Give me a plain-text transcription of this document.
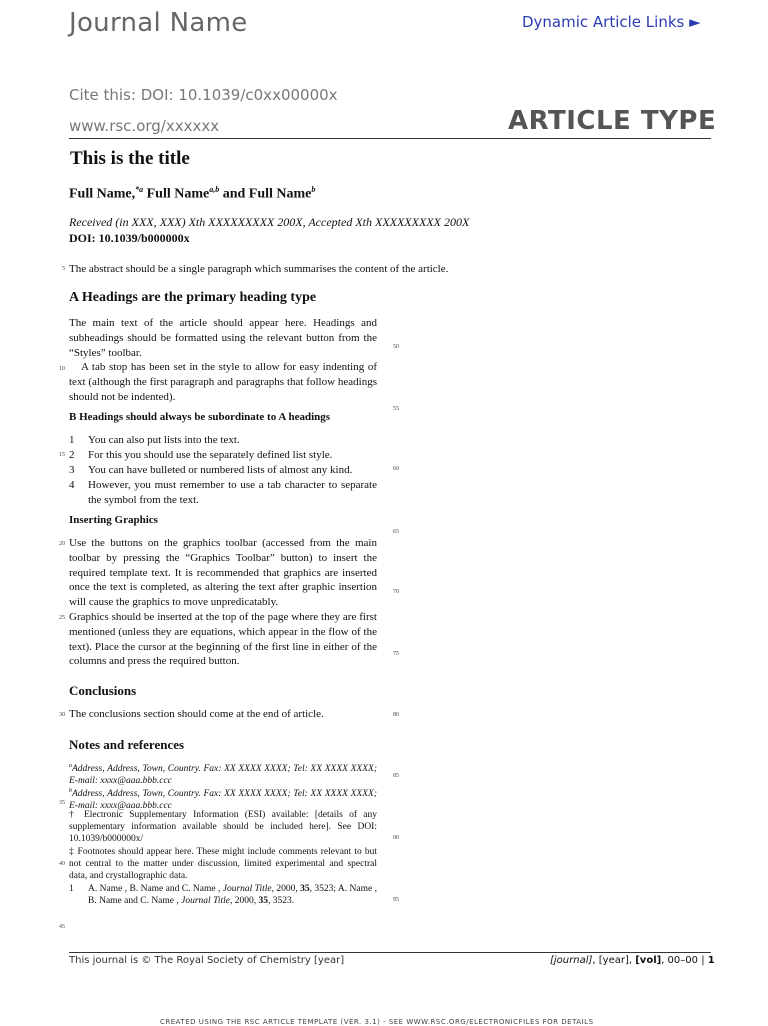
Journal Name	Dynamic Article Links ►
Cite this: DOI: 10.1039/c0xx00000x
www.rsc.org/xxxxxx	ARTICLE TYPE
This is the title
Full Name,$^{*a}$ Full Name$^{a,b}$ and Full Name$^b$
Received (in XXX, XXX) Xth XXXXXXXXX 200X, Accepted Xth XXXXXXXXX 200X
DOI: 10.1039/b000000x
The abstract should be a single paragraph which summarises the content of the article.
A Headings are the primary heading type
The main text of the article should appear here. Headings and subheadings should be formatted using the relevant button from the “Styles” toolbar.
A tab stop has been set in the style to allow for easy indenting of text (although the first paragraph and paragraphs that follow headings should not be indented).
B Headings should always be subordinate to A headings
1 You can also put lists into the text.
2 For this you should use the separately defined list style.
3 You can have bulleted or numbered lists of almost any kind.
4 However, you must remember to use a tab character to separate the symbol from the text.
Inserting Graphics
Use the buttons on the graphics toolbar (accessed from the main toolbar by pressing the “Graphics Toolbar” button) to insert the required template text. It is recommended that graphics are inserted once the text is completed, as altering the text after graphic insertion will cause the graphics to move unpredicatably.
Graphics should be inserted at the top of the page where they are first mentioned (unless they are equations, which appear in the flow of the text). Place the cursor at the beginning of the first line in either of the columns and press the required button.
Conclusions
The conclusions section should come at the end of article.
Notes and references
$^a$Address, Address, Town, Country. Fax: XX XXXX XXXX; Tel: XX XXXX XXXX; E-mail: xxxx@aaa.bbb.ccc
$^b$Address, Address, Town, Country. Fax: XX XXXX XXXX; Tel: XX XXXX XXXX; E-mail: xxxx@aaa.bbb.ccc
† Electronic Supplementary Information (ESI) available: [details of any supplementary information available should be included here]. See DOI: 10.1039/b000000x/
‡ Footnotes should appear here. These might include comments relevant to but not central to the matter under discussion, limited experimental and spectral data, and crystallographic data.
1 A. Name , B. Name and C. Name , Journal Title, 2000, 35, 3523; A. Name , B. Name and C. Name , Journal Title, 2000, 35, 3523.
5
10
15
20
25
30
35
40
45
50
55
60
65
70
75
80
85
90
95
This journal is © The Royal Society of Chemistry [year]	[journal], [year], [vol], 00–00 | 1
CREATED USING THE RSC ARTICLE TEMPLATE (VER. 3.1) - SEE WWW.RSC.ORG/ELECTRONICFILES FOR DETAILS
